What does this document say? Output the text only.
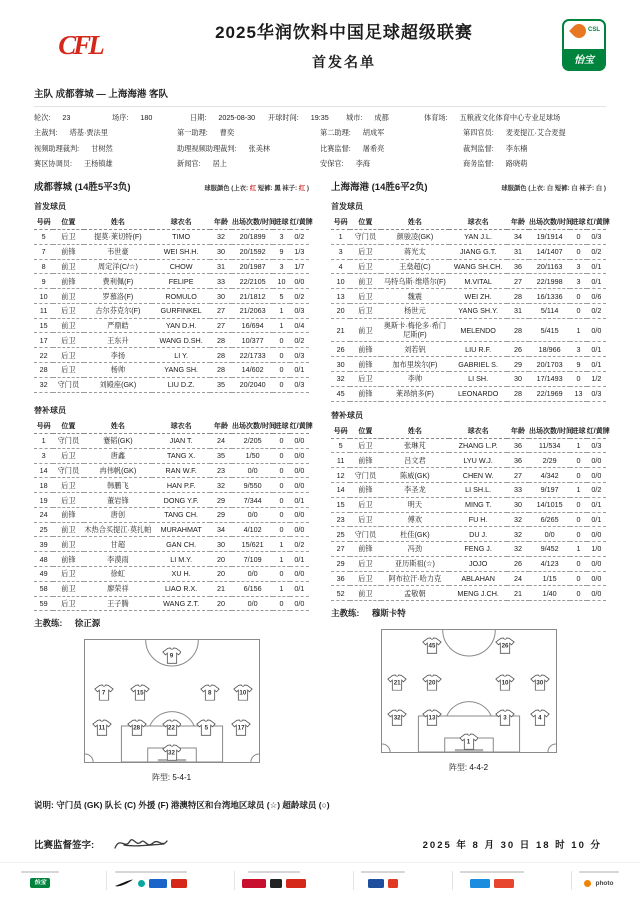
CFL	2025华润饮料中国足球超级联赛
首发名单
CSL
怡宝
主队 成都蓉城 — 上海海港 客队
轮次: 23	场序: 180	日期: 2025-08-30 开球时间: 19:35 城市: 成都	体育场: 五粮液文化体育中心专业足球场
主裁判: 塔基·贾法里	第一助理: 曹奕	第二助理: 胡成军	第四官员: 麦麦提江·艾合麦提
视频助理裁判: 甘树然	助理视频助理裁判: 张美林	比赛监督: 屠希亮	裁判监督: 李东楠
赛区协调员: 王杨镇雄	新闻官: 居上	安保官: 李海	商务监督: 路晓萌
成都蓉城 (14胜5平3负)	球服颜色 (上衣: 红 短裤: 黑 袜子: 红 )
首发球员
号码	位置	姓名	球衣名	年龄	出场次数/时间	进球	红/黄牌
5	后卫	提莫·莱切特(F)	TIMO	32	20/1899	3	0/2
7	前锋	韦世豪	WEI SH.H.	30	20/1592	9	1/3
8	前卫	周定洋(C/☆)	CHOW	31	20/1987	3	1/7
9	前锋	费利佩(F)	FELIPE	33	22/2105	10	0/0
10	前卫	罗慕洛(F)	ROMULO	30	21/1812	5	0/2
11	后卫	古尔芬克尔(F)	GURFINKEL	27	21/2063	1	0/3
15	前卫	严鼎皓	YAN D.H.	27	16/694	1	0/4
17	后卫	王东升	WANG D.SH.	28	10/377	0	0/2
22	后卫	李扬	LI Y.	28	22/1733	0	0/3
28	后卫	杨帅	YANG SH.	28	14/602	0	0/1
32	守门员	刘殿座(GK)	LIU D.Z.	35	20/2040	0	0/3
替补球员
号码	位置	姓名	球衣名	年龄	出场次数/时间	进球	红/黄牌
1	守门员	蹇韬(GK)	JIAN T.	24	2/205	0	0/0
3	后卫	唐鑫	TANG X.	35	1/50	0	0/0
14	守门员	冉伟帆(GK)	RAN W.F.	23	0/0	0	0/0
18	后卫	韩鹏飞	HAN P.F.	32	9/550	0	0/0
19	后卫	董岩锋	DONG Y.F.	29	7/344	0	0/1
24	前锋	唐创	TANG CH.	29	0/0	0	0/0
25	前卫	木热合买提江·莫扎帕	MURAHMAT	34	4/102	0	0/0
39	前卫	甘超	GAN CH.	30	15/621	1	0/2
48	前锋	李漠雨	LI M.Y.	20	7/109	1	0/1
49	后卫	徐虹	XU H.	20	0/0	0	0/0
58	前卫	廖荣祥	LIAO R.X.	21	6/156	1	0/1
59	后卫	王子腾	WANG Z.T.	20	0/0	0	0/0
主教练: 徐正源
9
7	15	8	10
11	28	22	5	17
32
阵型: 5-4-1
上海海港 (14胜6平2负)	球服颜色 (上衣: 白 短裤: 白 袜子: 白 )
首发球员
号码	位置	姓名	球衣名	年龄	出场次数/时间	进球	红/黄牌
1	守门员	颜骏凌(GK)	YAN J.L.	34	19/1914	0	0/3
3	后卫	蒋光太	JIANG G.T.	31	14/1407	0	0/2
4	后卫	王燊超(C)	WANG SH.CH.	36	20/1163	3	0/1
10	前卫	马特乌斯·维塔尔(F)	M.VITAL	27	22/1998	3	0/1
13	后卫	魏震	WEI ZH.	28	16/1336	0	0/6
20	后卫	杨世元	YANG SH.Y.	31	5/114	0	0/2
21	前卫	奥斯卡·梅伦多·希门尼斯(F)	MELENDO	28	5/415	1	0/0
26	前锋	刘若钒	LIU R.F.	26	18/966	3	0/1
30	前锋	加布里埃尔(F)	GABRIEL S.	29	20/1703	9	0/1
32	后卫	李帅	LI SH.	30	17/1493	0	1/2
45	前锋	莱昂纳多(F)	LEONARDO	28	22/1969	13	0/3
替补球员
号码	位置	姓名	球衣名	年龄	出场次数/时间	进球	红/黄牌
5	后卫	张琳芃	ZHANG L.P.	36	11/534	1	0/3
11	前锋	吕文君	LYU W.J.	36	2/29	0	0/0
12	守门员	陈威(GK)	CHEN W.	27	4/342	0	0/0
14	前锋	李圣龙	LI SH.L.	33	9/197	1	0/2
15	后卫	明天	MING T.	30	14/1015	0	0/1
23	后卫	傅欢	FU H.	32	6/265	0	0/1
25	守门员	杜佳(GK)	DU J.	32	0/0	0	0/0
27	前锋	冯劲	FENG J.	32	9/452	1	1/0
29	后卫	亚历斯祖(☆)	JOJO	26	4/123	0	0/0
36	后卫	阿布拉汗·哈力克	ABLAHAN	24	1/15	0	0/0
52	前卫	孟敬朝	MENG J.CH.	21	1/40	0	0/0
主教练: 穆斯卡特
45	26
21	20	10	30
32	13	3	4
1
阵型: 4-4-2
说明: 守门员 (GK) 队长 (C) 外援 (F) 港澳特区和台湾地区球员 (☆) 超龄球员 (○)
比赛监督签字:	2025 年 8 月 30 日 18 时 10 分
怡宝	photo
